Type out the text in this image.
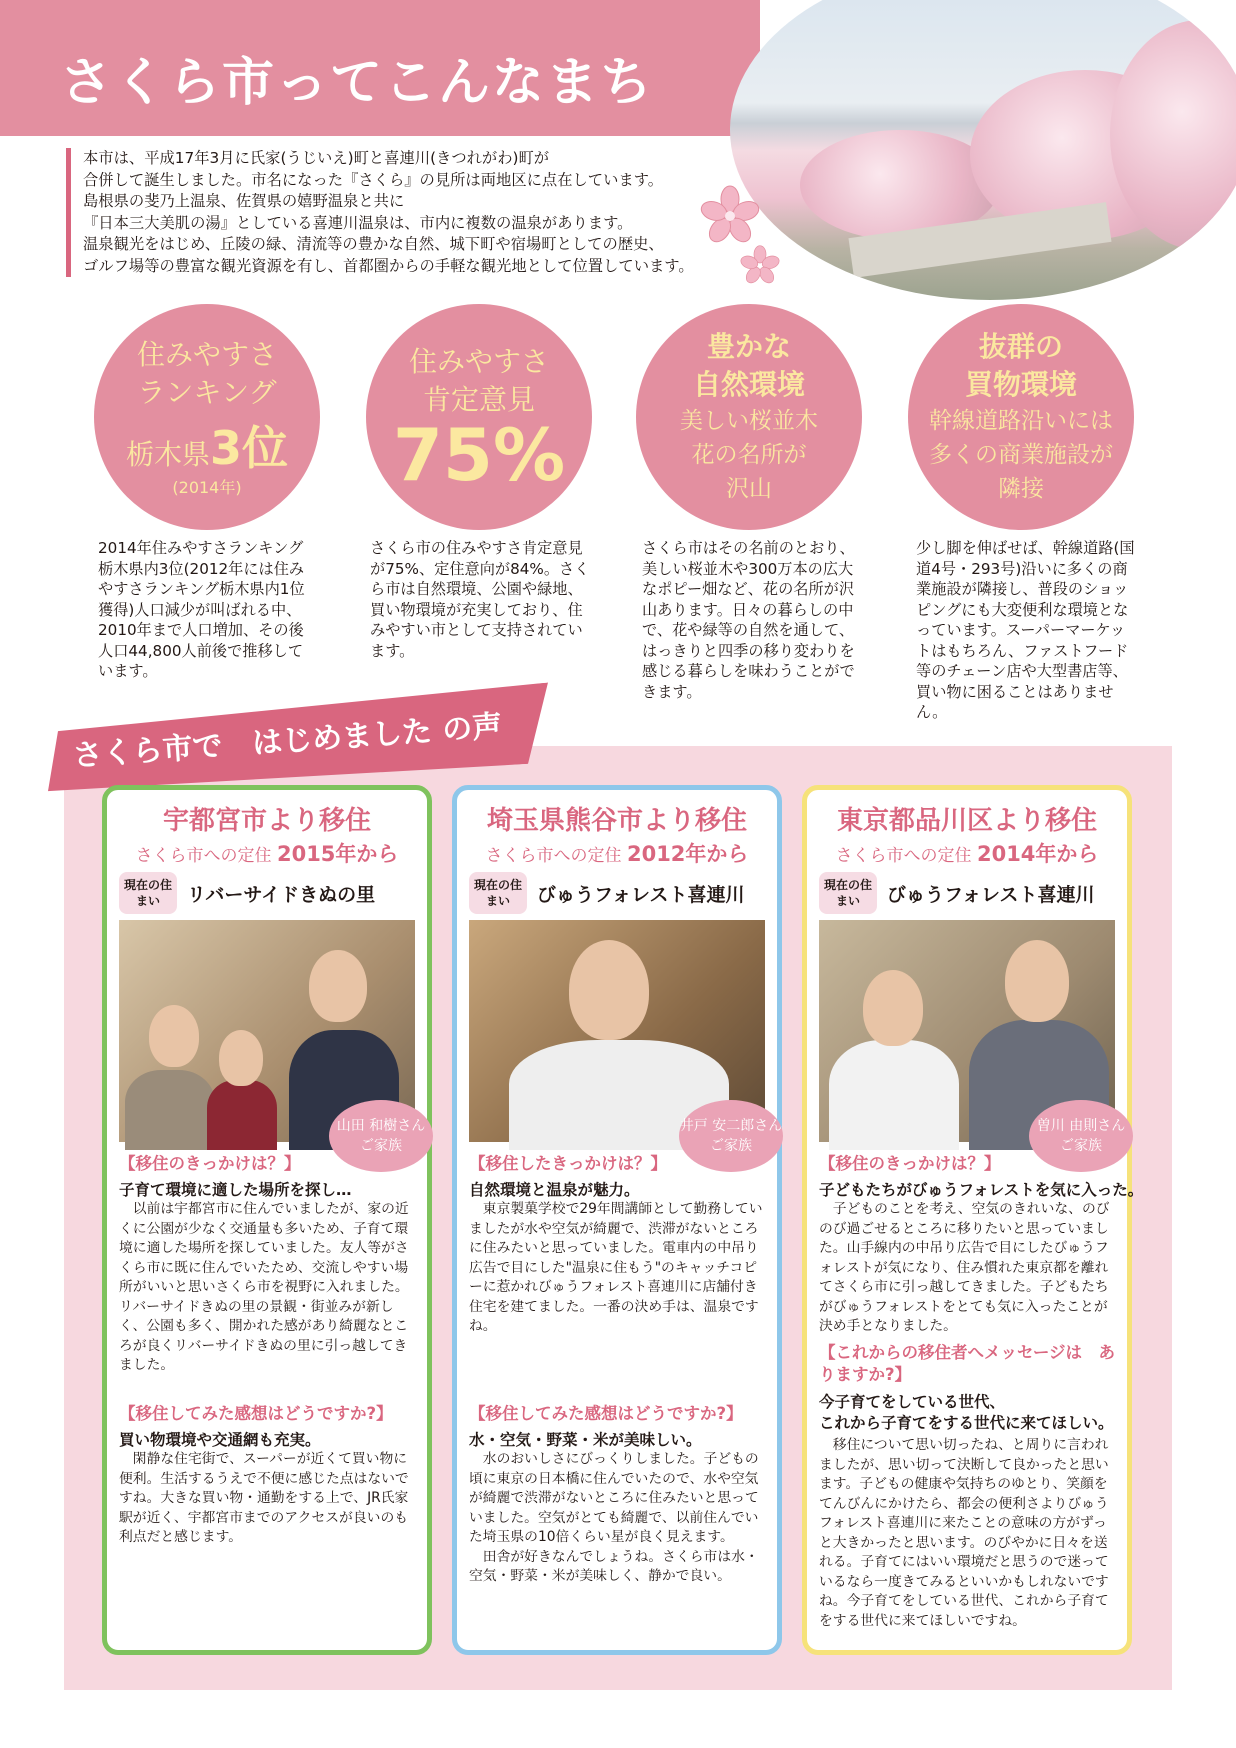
さくら市ってこんなまち
本市は、平成17年3月に氏家(うじいえ)町と喜連川(きつれがわ)町が
合併して誕生しました。市名になった『さくら』の見所は両地区に点在しています。
島根県の斐乃上温泉、佐賀県の嬉野温泉と共に
『日本三大美肌の湯』としている喜連川温泉は、市内に複数の温泉があります。
温泉観光をはじめ、丘陵の緑、清流等の豊かな自然、城下町や宿場町としての歴史、
ゴルフ場等の豊富な観光資源を有し、首都圏からの手軽な観光地として位置しています。
住みやすさ
ランキング
栃木県3位
(2014年)
住みやすさ
肯定意見
75%
豊かな
自然環境
美しい桜並木
花の名所が
沢山
抜群の
買物環境
幹線道路沿いには
多くの商業施設が
隣接
2014年住みやすさランキング栃木県内3位(2012年には住みやすさランキング栃木県内1位獲得)人口減少が叫ばれる中、2010年まで人口増加、その後人口44,800人前後で推移しています。
さくら市の住みやすさ肯定意見が75%、定住意向が84%。さくら市は自然環境、公園や緑地、買い物環境が充実しており、住みやすい市として支持されています。
さくら市はその名前のとおり、美しい桜並木や300万本の広大なポピー畑など、花の名所が沢山あります。日々の暮らしの中で、花や緑等の自然を通して、はっきりと四季の移り変わりを感じる暮らしを味わうことができます。
少し脚を伸ばせば、幹線道路(国道4号・293号)沿いに多くの商業施設が隣接し、普段のショッピングにも大変便利な環境となっています。スーパーマーケットはもちろん、ファストフード等のチェーン店や大型書店等、買い物に困ることはありません。
さくら市で　はじめました の声
宇都宮市より移住
さくら市への定住 2015年から
現在の住まい	リバーサイドきぬの里
山田 和樹さん
ご家族
【移住のきっかけは？】
子育て環境に適した場所を探し…
　以前は宇都宮市に住んでいましたが、家の近くに公園が少なく交通量も多いため、子育て環境に適した場所を探していました。友人等がさくら市に既に住んでいたため、交流しやすい場所がいいと思いさくら市を視野に入れました。リバーサイドきぬの里の景観・街並みが新しく、公園も多く、開かれた感があり綺麗なところが良くリバーサイドきぬの里に引っ越してきました。
【移住してみた感想はどうですか?】
買い物環境や交通網も充実。
　閑静な住宅街で、スーパーが近くて買い物に便利。生活するうえで不便に感じた点はないですね。大きな買い物・通勤をする上で、JR氏家駅が近く、宇都宮市までのアクセスが良いのも利点だと感じます。
埼玉県熊谷市より移住
さくら市への定住 2012年から
現在の住まい	びゅうフォレスト喜連川
井戸 安二郎さん
ご家族
【移住したきっかけは？】
自然環境と温泉が魅力。
　東京製菓学校で29年間講師として勤務していましたが水や空気が綺麗で、渋滞がないところに住みたいと思っていました。電車内の中吊り広告で目にした"温泉に住もう"のキャッチコピーに惹かれびゅうフォレスト喜連川に店舗付き住宅を建てました。一番の決め手は、温泉ですね。
【移住してみた感想はどうですか?】
水・空気・野菜・米が美味しい。
　水のおいしさにびっくりしました。子どもの頃に東京の日本橋に住んでいたので、水や空気が綺麗で渋滞がないところに住みたいと思っていました。空気がとても綺麗で、以前住んでいた埼玉県の10倍くらい星が良く見えます。
　田舎が好きなんでしょうね。さくら市は水・空気・野菜・米が美味しく、静かで良い。
東京都品川区より移住
さくら市への定住 2014年から
現在の住まい	びゅうフォレスト喜連川
曽川 由則さん
ご家族
【移住のきっかけは？】
子どもたちがびゅうフォレストを気に入った。
　子どものことを考え、空気のきれいな、のびのび過ごせるところに移りたいと思っていました。山手線内の中吊り広告で目にしたびゅうフォレストが気になり、住み慣れた東京都を離れてさくら市に引っ越してきました。子どもたちがびゅうフォレストをとても気に入ったことが決め手となりました。
【これからの移住者へメッセージは　ありますか?】
今子育てをしている世代、
これから子育てをする世代に来てほしい。
　移住について思い切ったね、と周りに言われましたが、思い切って決断して良かったと思います。子どもの健康や気持ちのゆとり、笑顔をてんびんにかけたら、都会の便利さよりびゅうフォレスト喜連川に来たことの意味の方がずっと大きかったと思います。のびやかに日々を送れる。子育てにはいい環境だと思うので迷っているなら一度きてみるといいかもしれないですね。今子育てをしている世代、これから子育てをする世代に来てほしいですね。
